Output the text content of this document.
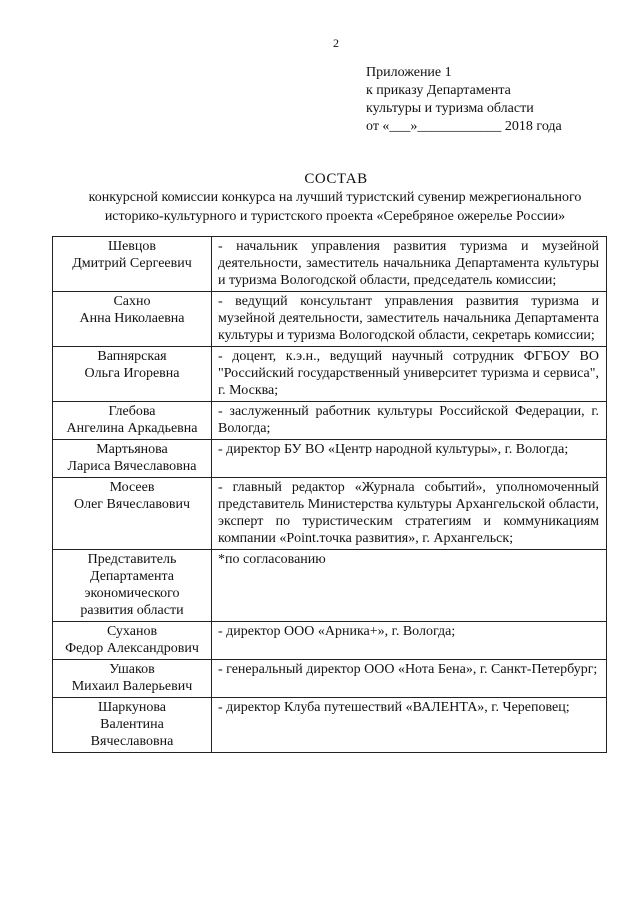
2
Приложение 1
к приказу Департамента
культуры и туризма области
от «___»____________ 2018 года
СОСТАВ
конкурсной комиссии конкурса на лучший туристский сувенир межрегионального
историко-культурного и туристского проекта «Серебряное ожерелье России»
Шевцов
Дмитрий Сергеевич	- начальник управления развития туризма и музейной деятельности, заместитель начальника Департамента культуры и туризма Вологодской области, председатель комиссии;

Сахно
Анна Николаевна	- ведущий консультант управления развития туризма и музейной деятельности, заместитель начальника Департамента культуры и туризма Вологодской области, секретарь комиссии;

Вапнярская
Ольга Игоревна	- доцент, к.э.н., ведущий научный сотрудник ФГБОУ ВО "Российский государственный университет туризма и сервиса", г. Москва;

Глебова
Ангелина Аркадьевна	- заслуженный работник культуры Российской Федерации, г. Вологда;

Мартьянова
Лариса Вячеславовна	- директор БУ ВО «Центр народной культуры», г. Вологда;

Мосеев
Олег Вячеславович	- главный редактор «Журнала событий», уполномоченный представитель Министерства культуры Архангельской области, эксперт по туристическим стратегиям и коммуникациям компании «Point.точка развития», г. Архангельск;

Представитель
Департамента
экономического
развития области	*по согласованию

Суханов
Федор Александрович	- директор ООО «Арника+», г. Вологда;

Ушаков
Михаил Валерьевич	- генеральный директор ООО «Нота Бена», г. Санкт-Петербург;

Шаркунова
Валентина
Вячеславовна	- директор Клуба путешествий «ВАЛЕНТА», г. Череповец;
